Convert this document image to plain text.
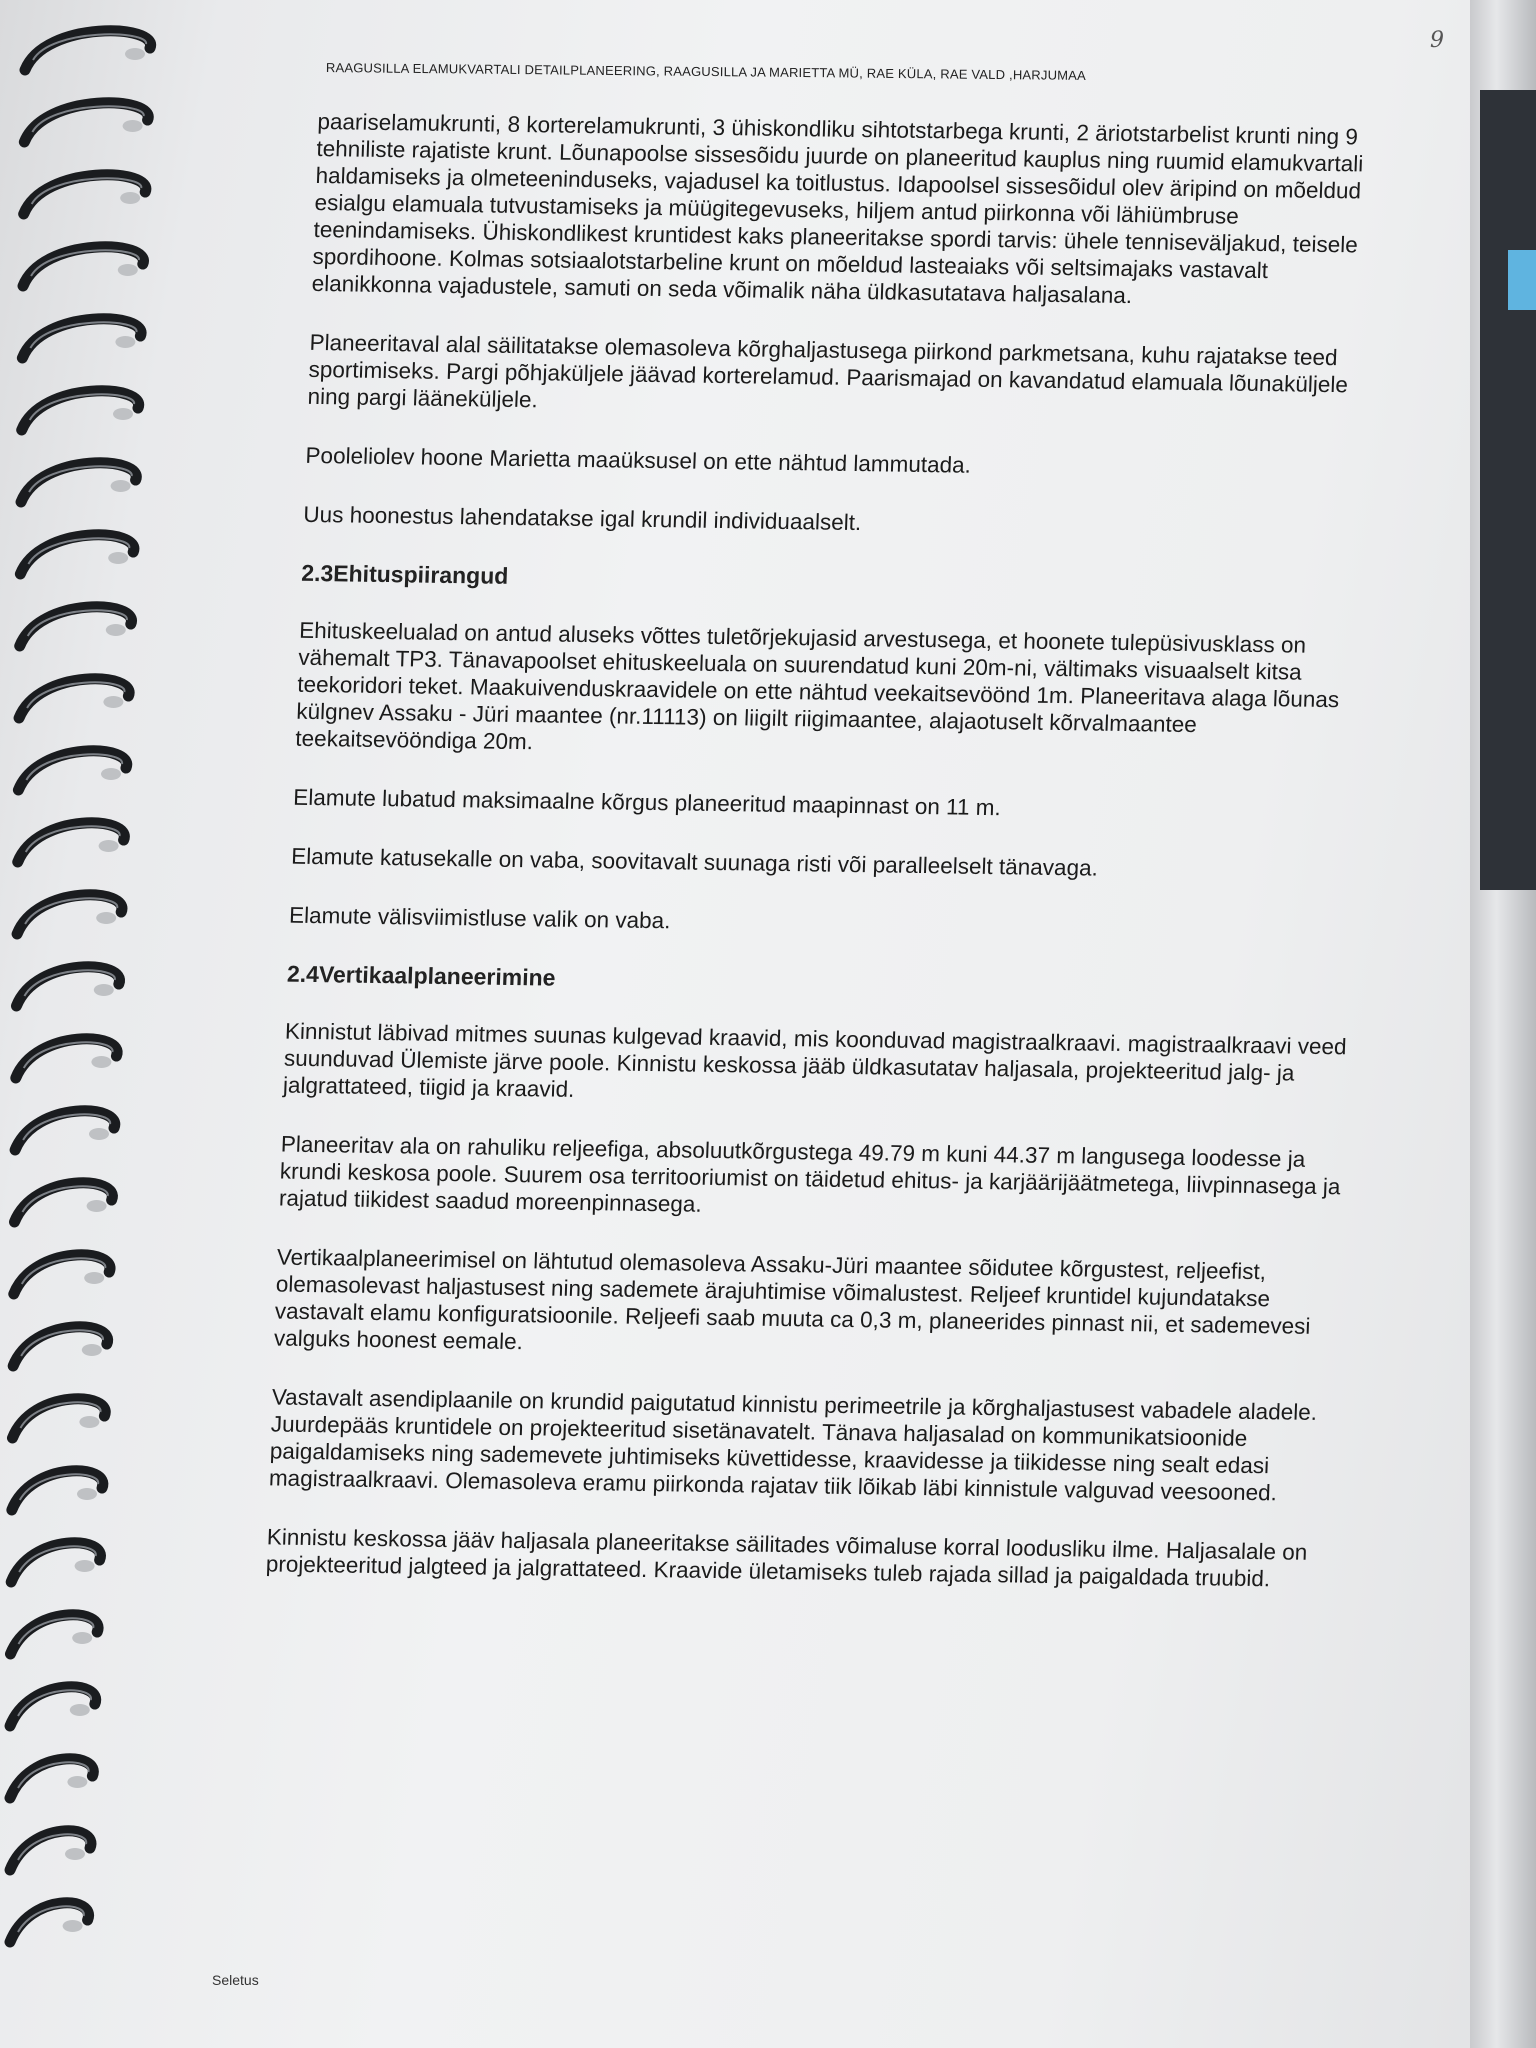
9
RAAGUSILLA ELAMUKVARTALI DETAILPLANEERING, RAAGUSILLA JA MARIETTA MÜ, RAE KÜLA, RAE VALD ,HARJUMAA

paariselamukrunti, 8 korterelamukrunti, 3 ühiskondliku sihtotstarbega krunti, 2 äriotstarbelist krunti ning 9 tehniliste rajatiste krunt. Lõunapoolse sissesõidu juurde on planeeritud kauplus ning ruumid elamukvartali haldamiseks ja olmeteeninduseks, vajadusel ka toitlustus. Idapoolsel sissesõidul olev äripind on mõeldud esialgu elamuala tutvustamiseks ja müügitegevuseks, hiljem antud piirkonna või lähiümbruse teenindamiseks. Ühiskondlikest kruntidest kaks planeeritakse spordi tarvis: ühele tenniseväljakud, teisele spordihoone. Kolmas sotsiaalotstarbeline krunt on mõeldud lasteaiaks või seltsimajaks vastavalt elanikkonna vajadustele, samuti on seda võimalik näha üldkasutatava haljasalana.

Planeeritaval alal säilitatakse olemasoleva kõrghaljastusega piirkond parkmetsana, kuhu rajatakse teed sportimiseks. Pargi põhjaküljele jäävad korterelamud. Paarismajad on kavandatud elamuala lõunaküljele ning pargi lääneküljele.

Pooleliolev hoone Marietta maaüksusel on ette nähtud lammutada.

Uus hoonestus lahendatakse igal krundil individuaalselt.

2.3Ehituspiirangud

Ehituskeelualad on antud aluseks võttes tuletõrjekujasid arvestusega, et hoonete tulepüsivusklass on vähemalt TP3. Tänavapoolset ehituskeeluala on suurendatud kuni 20m-ni, vältimaks visuaalselt kitsa teekoridori teket. Maakuivenduskraavidele on ette nähtud veekaitsevöönd 1m. Planeeritava alaga lõunas külgnev Assaku - Jüri maantee (nr.11113) on liigilt riigimaantee, alajaotuselt kõrvalmaantee teekaitsevööndiga 20m.

Elamute lubatud maksimaalne kõrgus planeeritud maapinnast on 11 m.

Elamute katusekalle on vaba, soovitavalt suunaga risti või paralleelselt tänavaga.

Elamute välisviimistluse valik on vaba.

2.4Vertikaalplaneerimine

Kinnistut läbivad mitmes suunas kulgevad kraavid, mis koonduvad magistraalkraavi. magistraalkraavi veed suunduvad Ülemiste järve poole. Kinnistu keskossa jääb üldkasutatav haljasala, projekteeritud jalg- ja jalgrattateed, tiigid ja kraavid.

Planeeritav ala on rahuliku reljeefiga, absoluutkõrgustega 49.79 m kuni 44.37 m langusega loodesse ja krundi keskosa poole. Suurem osa territooriumist on täidetud ehitus- ja karjäärijäätmetega, liivpinnasega ja rajatud tiikidest saadud moreenpinnasega.

Vertikaalplaneerimisel on lähtutud olemasoleva Assaku-Jüri maantee sõidutee kõrgustest, reljeefist, olemasolevast haljastusest ning sademete ärajuhtimise võimalustest. Reljeef kruntidel kujundatakse vastavalt elamu konfiguratsioonile. Reljeefi saab muuta ca 0,3 m, planeerides pinnast nii, et sademevesi valguks hoonest eemale.

Vastavalt asendiplaanile on krundid paigutatud kinnistu perimeetrile ja kõrghaljastusest vabadele aladele. Juurdepääs kruntidele on projekteeritud sisetänavatelt. Tänava haljasalad on kommunikatsioonide paigaldamiseks ning sademevete juhtimiseks küvettidesse, kraavidesse ja tiikidesse ning sealt edasi magistraalkraavi. Olemasoleva eramu piirkonda rajatav tiik lõikab läbi kinnistule valguvad veesooned.

Kinnistu keskossa jääv haljasala planeeritakse säilitades võimaluse korral loodusliku ilme. Haljasalale on projekteeritud jalgteed ja jalgrattateed. Kraavide ületamiseks tuleb rajada sillad ja paigaldada truubid.

Seletus
